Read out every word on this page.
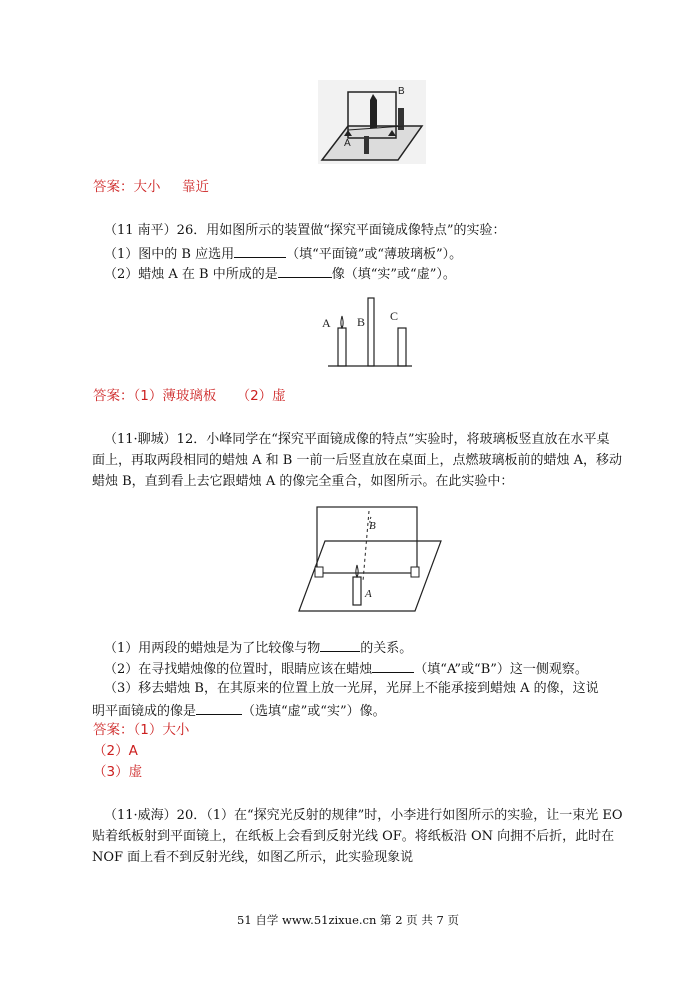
B
A
答案：大小 靠近
（11 南平）26．用如图所示的装置做“探究平面镜成像特点”的实验：
（1）图中的 B 应选用	（填“平面镜”或“薄玻璃板”）。
（2）蜡烛 A 在 B 中所成的是	像（填“实”或“虚”）。
A B C
答案：（1）薄玻璃板　　（2）虚
（11·聊城）12．小峰同学在“探究平面镜成像的特点”实验时，将玻璃板竖直放在水平桌
面上，再取两段相同的蜡烛 A 和 B 一前一后竖直放在桌面上，点燃玻璃板前的蜡烛 A，移动
蜡烛 B，直到看上去它跟蜡烛 A 的像完全重合，如图所示。在此实验中：
B
A
（1）用两段的蜡烛是为了比较像与物	的关系。
（2）在寻找蜡烛像的位置时，眼睛应该在蜡烛	（填“A”或“B”）这一侧观察。
（3）移去蜡烛 B，在其原来的位置上放一光屏，光屏上不能承接到蜡烛 A 的像，这说
明平面镜成的像是	（选填“虚”或“实”）像。
答案：（1）大小
（2）A
（3）虚
（11·威海）20．（1）在“探究光反射的规律”时，小李进行如图所示的实验，让一束光 EO
贴着纸板射到平面镜上，在纸板上会看到反射光线 OF。将纸板沿 ON 向拥不后折，此时在
NOF 面上看不到反射光线，如图乙所示，此实验现象说
51 自学 www.51zixue.cn 第 2 页 共 7 页
